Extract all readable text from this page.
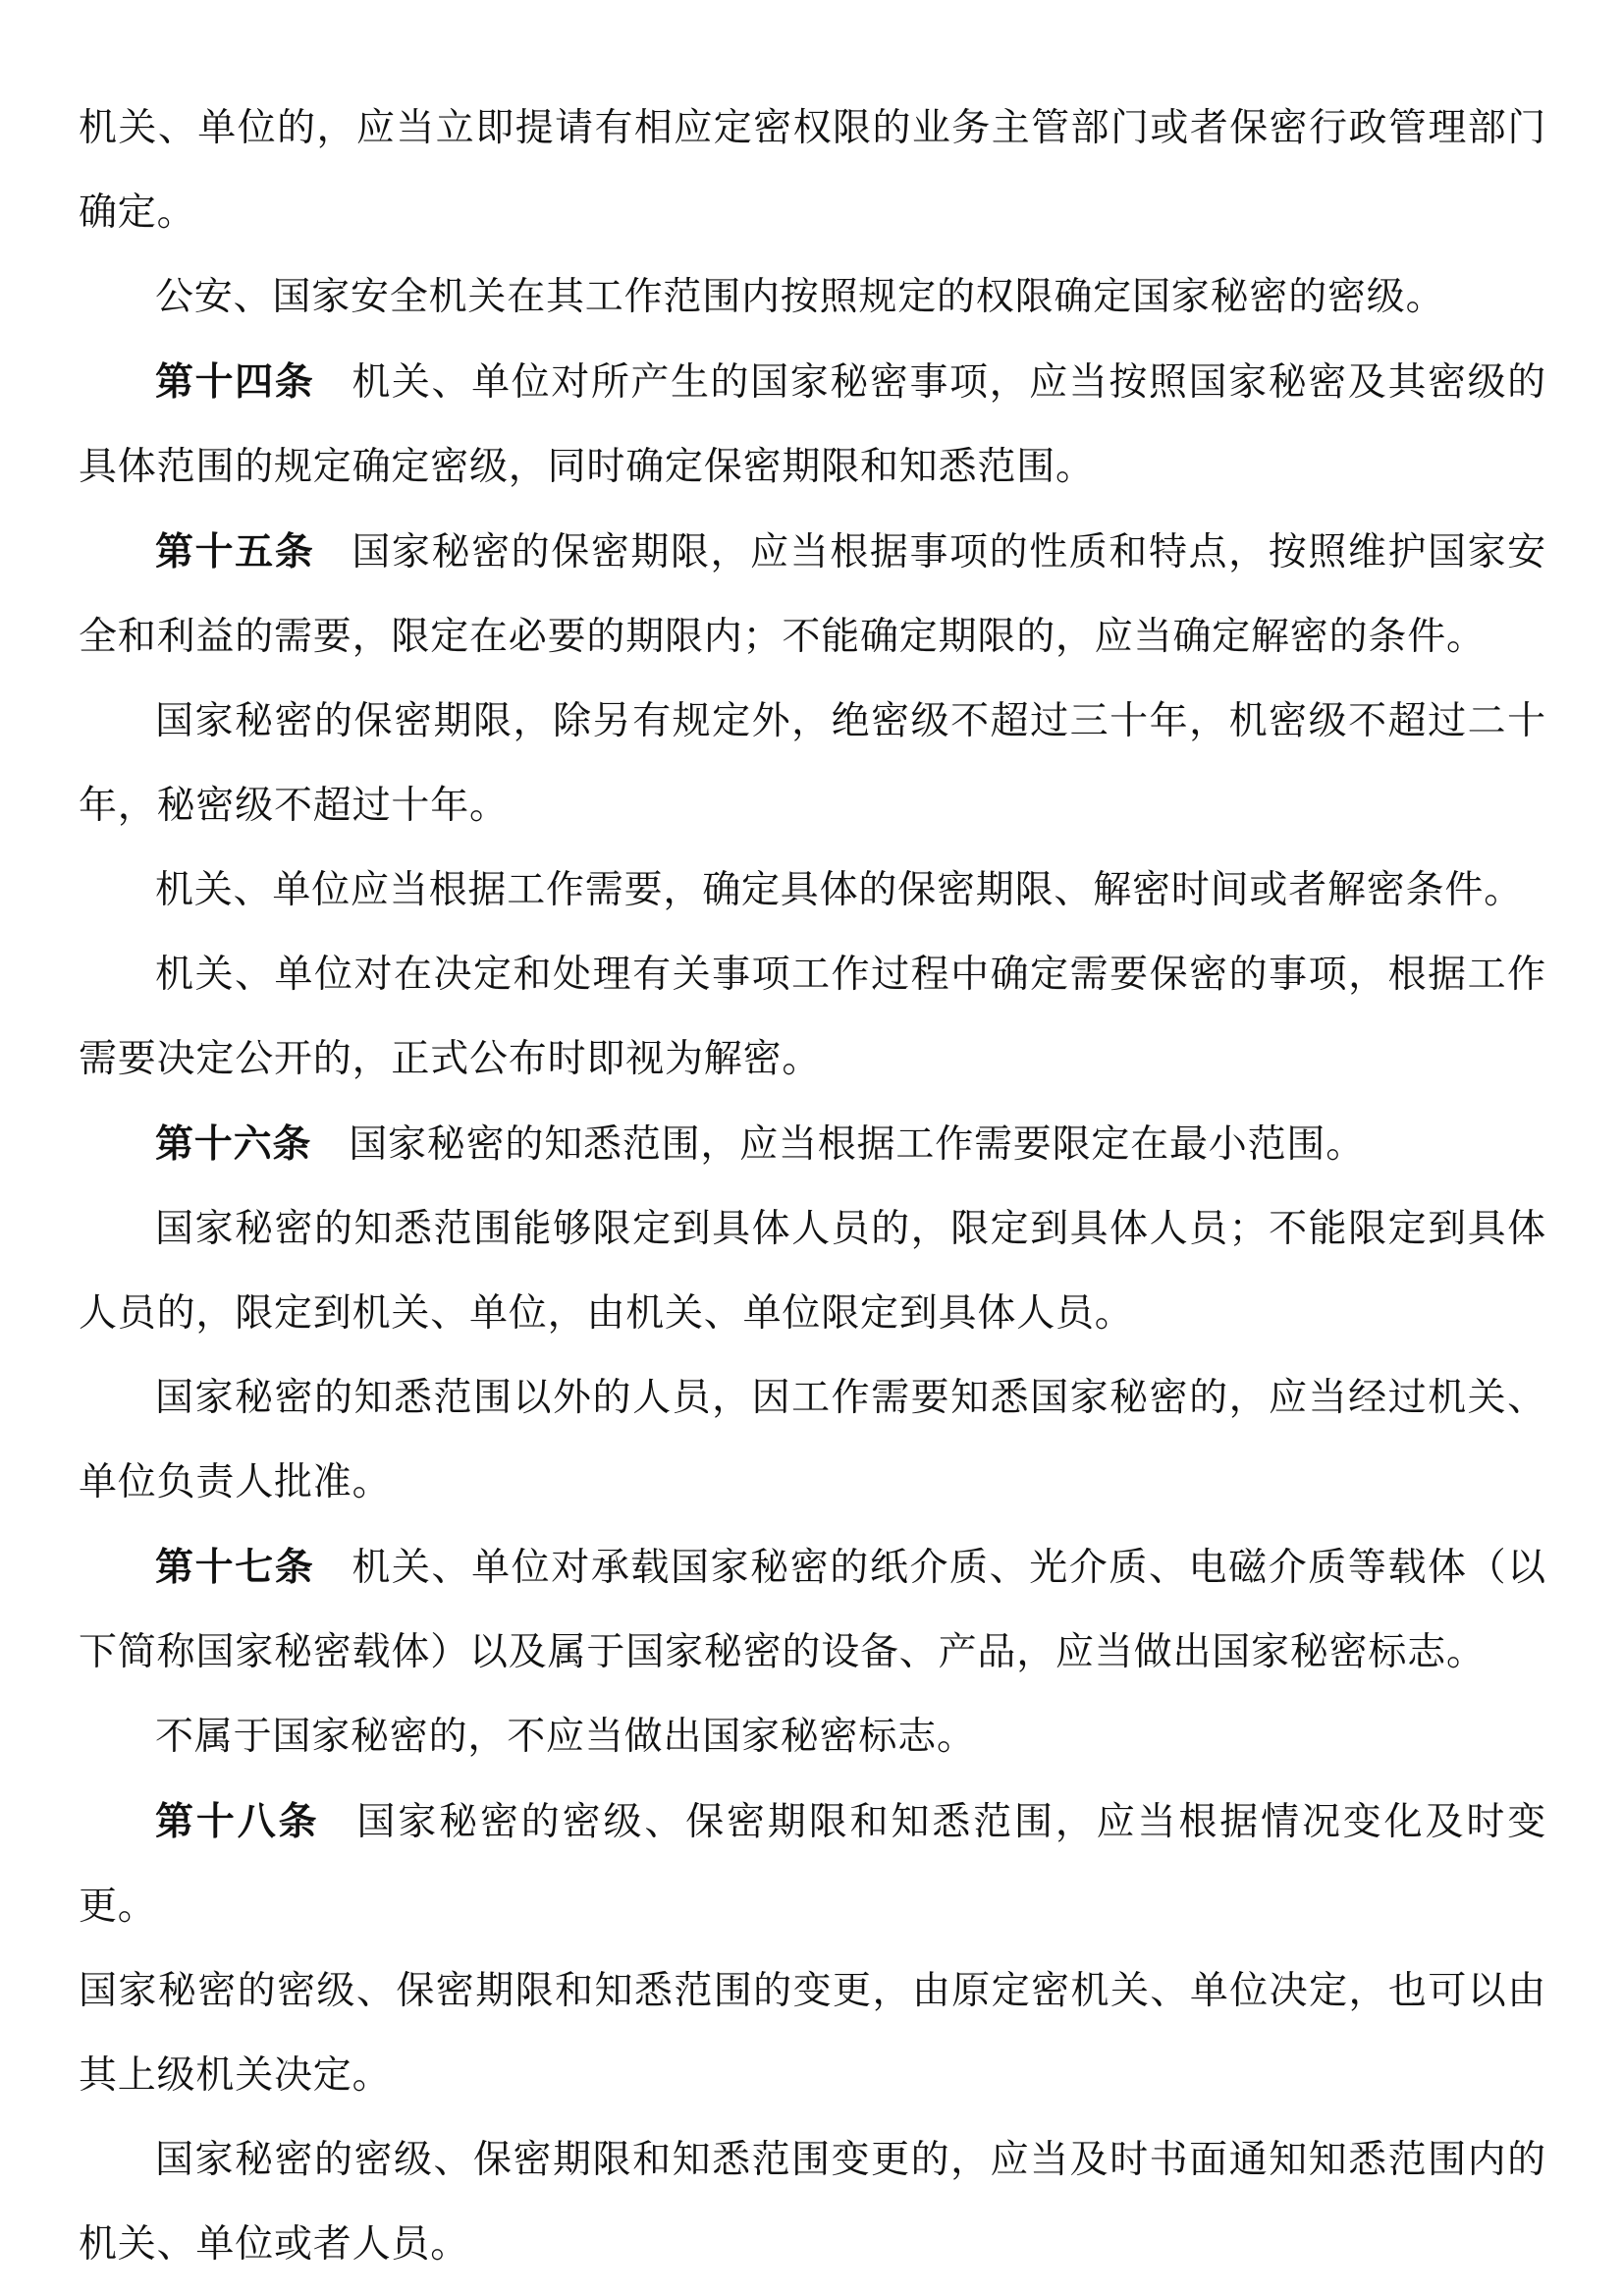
机关、单位的，应当立即提请有相应定密权限的业务主管部门或者保密行政管理部门确定。

公安、国家安全机关在其工作范围内按照规定的权限确定国家秘密的密级。

第十四条 机关、单位对所产生的国家秘密事项，应当按照国家秘密及其密级的具体范围的规定确定密级，同时确定保密期限和知悉范围。

第十五条 国家秘密的保密期限，应当根据事项的性质和特点，按照维护国家安全和利益的需要，限定在必要的期限内；不能确定期限的，应当确定解密的条件。

国家秘密的保密期限，除另有规定外，绝密级不超过三十年，机密级不超过二十年，秘密级不超过十年。

机关、单位应当根据工作需要，确定具体的保密期限、解密时间或者解密条件。

机关、单位对在决定和处理有关事项工作过程中确定需要保密的事项，根据工作需要决定公开的，正式公布时即视为解密。

第十六条 国家秘密的知悉范围，应当根据工作需要限定在最小范围。

国家秘密的知悉范围能够限定到具体人员的，限定到具体人员；不能限定到具体人员的，限定到机关、单位，由机关、单位限定到具体人员。

国家秘密的知悉范围以外的人员，因工作需要知悉国家秘密的，应当经过机关、单位负责人批准。

第十七条 机关、单位对承载国家秘密的纸介质、光介质、电磁介质等载体（以下简称国家秘密载体）以及属于国家秘密的设备、产品，应当做出国家秘密标志。

不属于国家秘密的，不应当做出国家秘密标志。

第十八条 国家秘密的密级、保密期限和知悉范围，应当根据情况变化及时变更。

国家秘密的密级、保密期限和知悉范围的变更，由原定密机关、单位决定，也可以由其上级机关决定。

国家秘密的密级、保密期限和知悉范围变更的，应当及时书面通知知悉范围内的机关、单位或者人员。
